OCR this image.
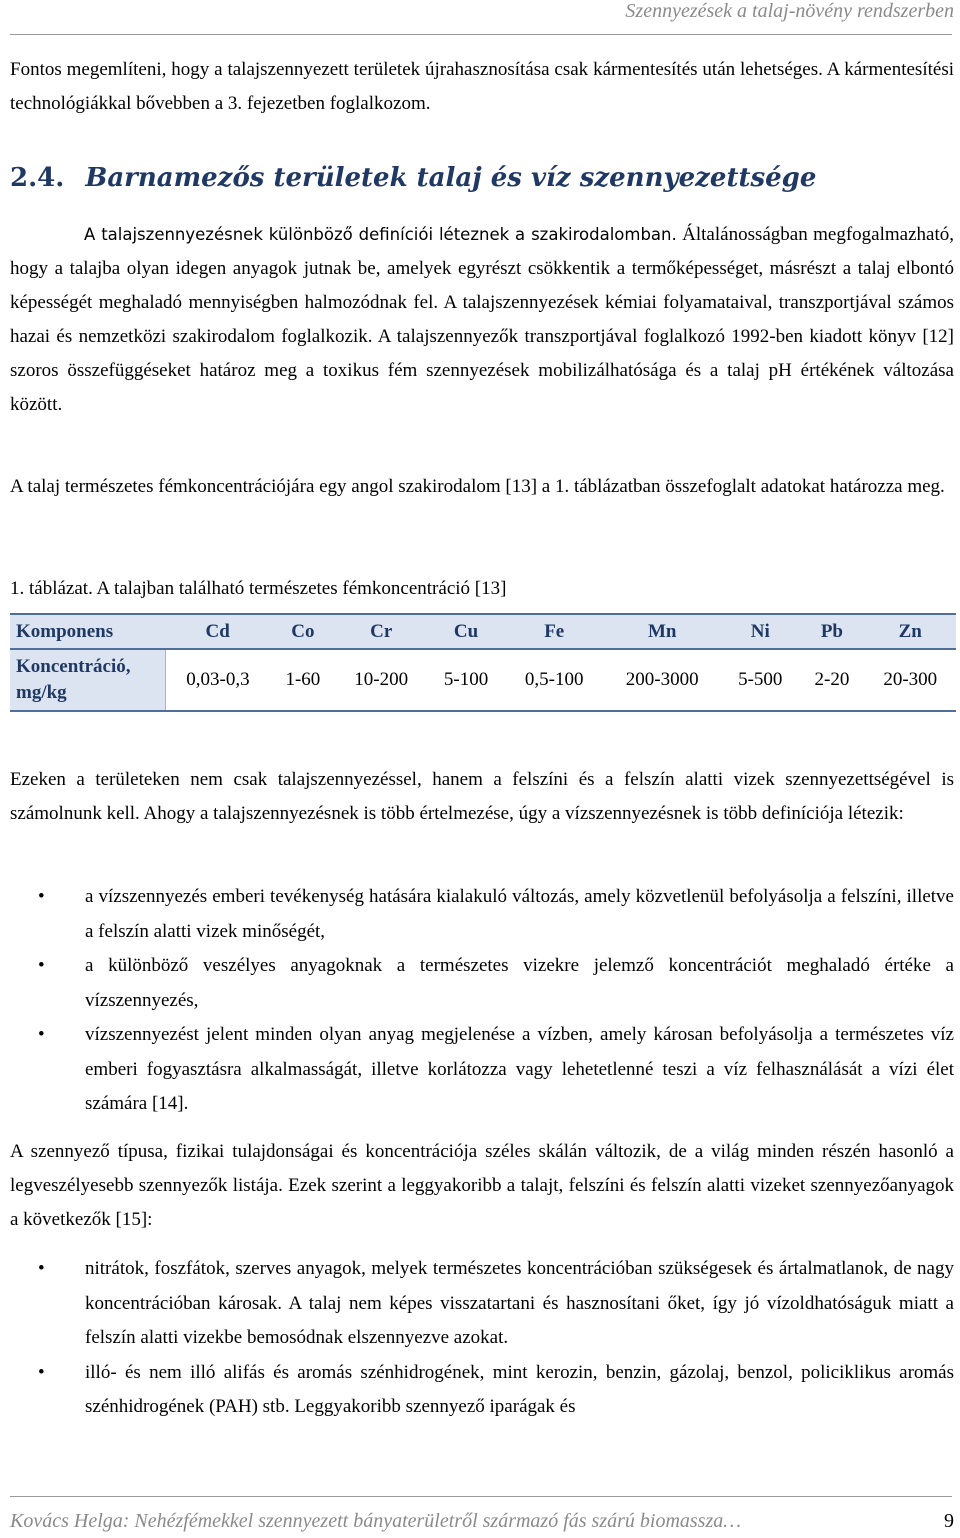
Szennyezések a talaj-növény rendszerben

Fontos megemlíteni, hogy a talajszennyezett területek újrahasznosítása csak kármentesítés után lehetséges. A kármentesítési technológiákkal bővebben a 3. fejezetben foglalkozom.

2.4. Barnamezős területek talaj és víz szennyezettsége

A talajszennyezésnek különböző definíciói léteznek a szakirodalomban. Általánosságban megfogalmazható, hogy a talajba olyan idegen anyagok jutnak be, amelyek egyrészt csökkentik a termőképességet, másrészt a talaj elbontó képességét meghaladó mennyiségben halmozódnak fel. A talajszennyezések kémiai folyamataival, transzportjával számos hazai és nemzetközi szakirodalom foglalkozik. A talajszennyezők transzportjával foglalkozó 1992-ben kiadott könyv [12] szoros összefüggéseket határoz meg a toxikus fém szennyezések mobilizálhatósága és a talaj pH értékének változása között.

A talaj természetes fémkoncentrációjára egy angol szakirodalom [13] a 1. táblázatban összefoglalt adatokat határozza meg.

1. táblázat. A talajban található természetes fémkoncentráció [13]
Komponens	Cd	Co	Cr	Cu	Fe	Mn	Ni	Pb	Zn
Koncentráció,
mg/kg	0,03-0,3	1-60	10-200	5-100	0,5-100	200-3000	5-500	2-20	20-300

Ezeken a területeken nem csak talajszennyezéssel, hanem a felszíni és a felszín alatti vizek szennyezettségével is számolnunk kell. Ahogy a talajszennyezésnek is több értelmezése, úgy a vízszennyezésnek is több definíciója létezik:

• a vízszennyezés emberi tevékenység hatására kialakuló változás, amely közvetlenül befolyásolja a felszíni, illetve a felszín alatti vizek minőségét,
• a különböző veszélyes anyagoknak a természetes vizekre jelemző koncentrációt meghaladó értéke a vízszennyezés,
• vízszennyezést jelent minden olyan anyag megjelenése a vízben, amely károsan befolyásolja a természetes víz emberi fogyasztásra alkalmasságát, illetve korlátozza vagy lehetetlenné teszi a víz felhasználását a vízi élet számára [14].

A szennyező típusa, fizikai tulajdonságai és koncentrációja széles skálán változik, de a világ minden részén hasonló a legveszélyesebb szennyezők listája. Ezek szerint a leggyakoribb a talajt, felszíni és felszín alatti vizeket szennyezőanyagok a következők [15]:

• nitrátok, foszfátok, szerves anyagok, melyek természetes koncentrációban szükségesek és ártalmatlanok, de nagy koncentrációban károsak. A talaj nem képes visszatartani és hasznosítani őket, így jó vízoldhatóságuk miatt a felszín alatti vizekbe bemosódnak elszennyezve azokat.
• illó- és nem illó alifás és aromás szénhidrogének, mint kerozin, benzin, gázolaj, benzol, policiklikus aromás szénhidrogének (PAH) stb. Leggyakoribb szennyező iparágak és
Kovács Helga: Nehézfémekkel szennyezett bányaterületről származó fás szárú biomassza…	9
